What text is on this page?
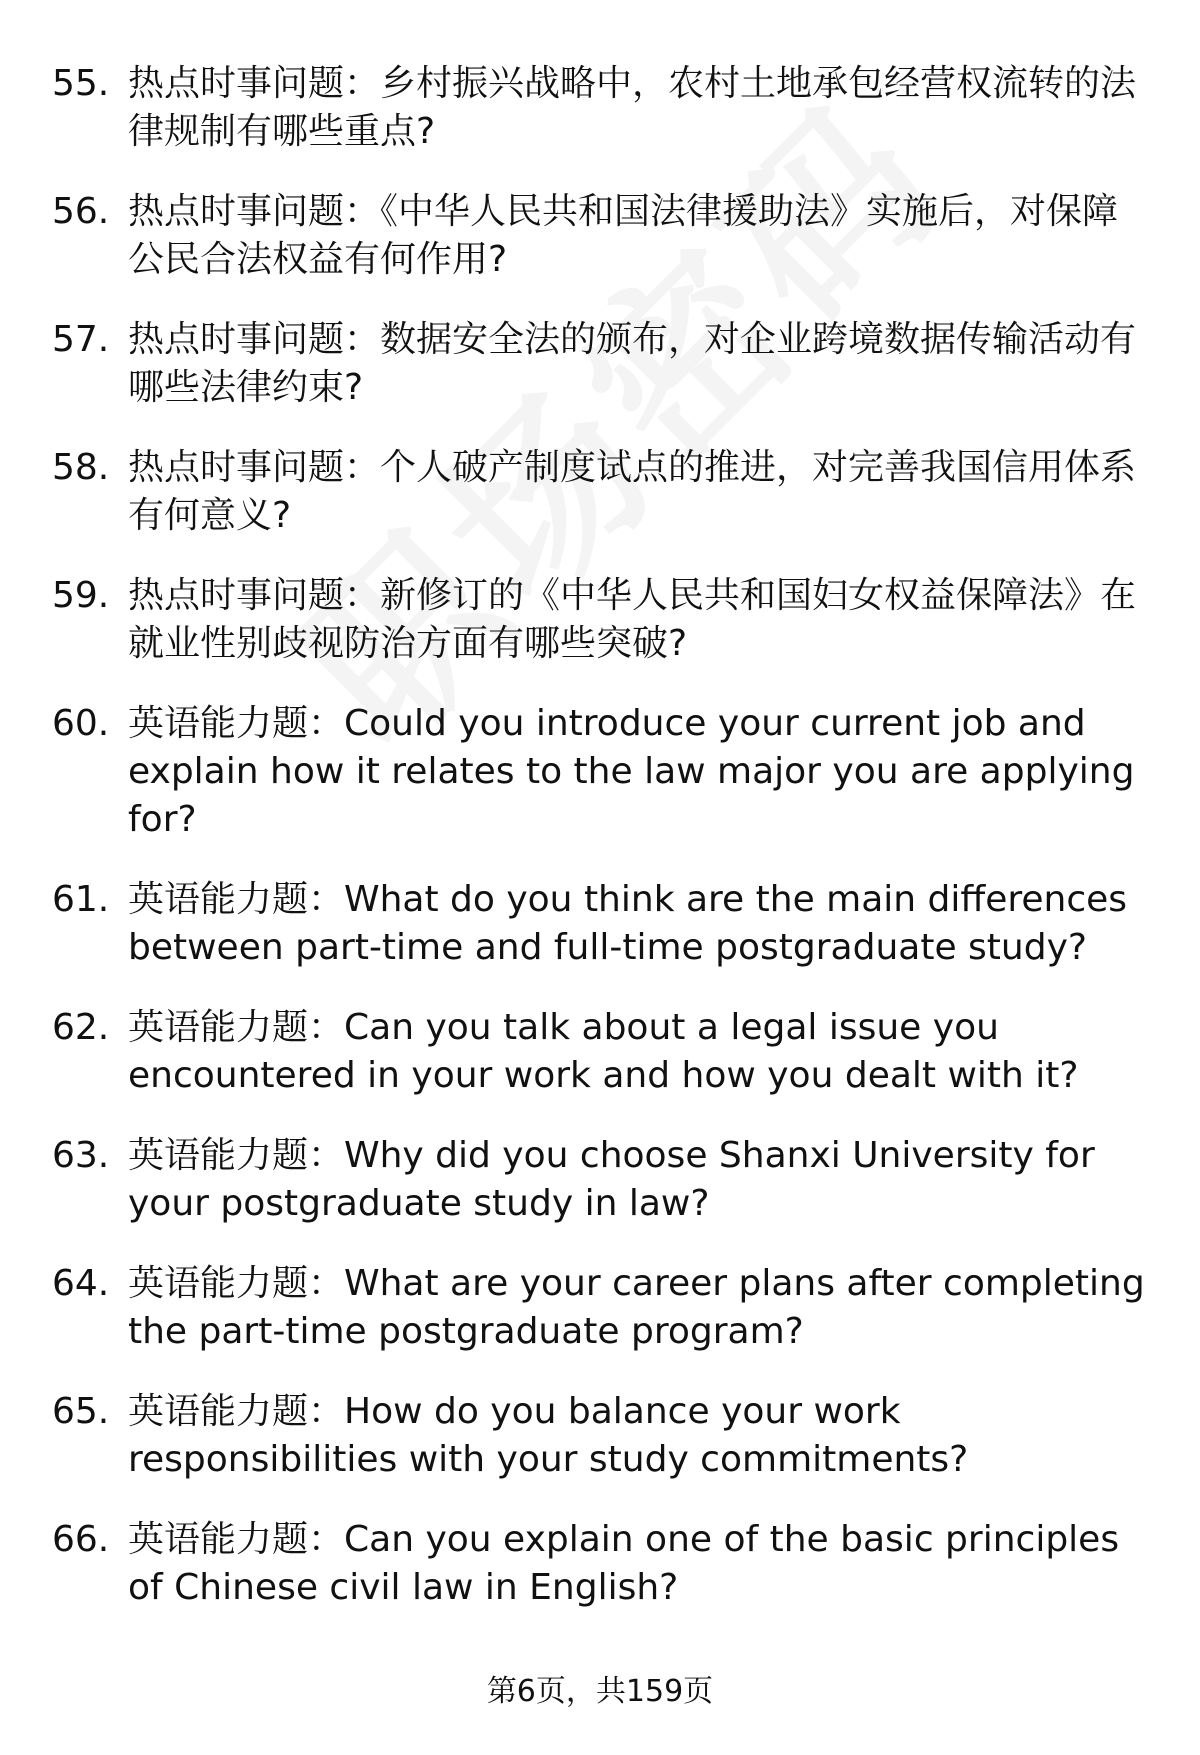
55. 热点时事问题：乡村振兴战略中，农村土地承包经营权流转的法律规制有哪些重点?
56. 热点时事问题：《中华人民共和国法律援助法》实施后，对保障公民合法权益有何作用?
57. 热点时事问题：数据安全法的颁布，对企业跨境数据传输活动有哪些法律约束?
58. 热点时事问题：个人破产制度试点的推进，对完善我国信用体系有何意义?
59. 热点时事问题：新修订的《中华人民共和国妇女权益保障法》在就业性别歧视防治方面有哪些突破?
60. 英语能力题：Could you introduce your current job and explain how it relates to the law major you are applying for?
61. 英语能力题：What do you think are the main differences between part-time and full-time postgraduate study?
62. 英语能力题：Can you talk about a legal issue you encountered in your work and how you dealt with it?
63. 英语能力题：Why did you choose Shanxi University for your postgraduate study in law?
64. 英语能力题：What are your career plans after completing the part-time postgraduate program?
65. 英语能力题：How do you balance your work responsibilities with your study commitments?
66. 英语能力题：Can you explain one of the basic principles of Chinese civil law in English?
第6页，共159页
